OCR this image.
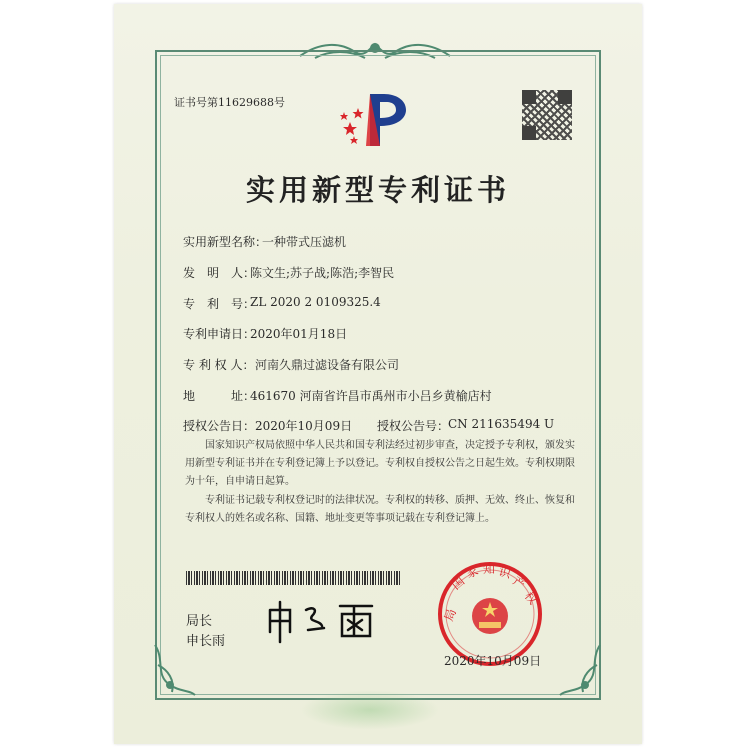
证书号第11629688号
实用新型专利证书
实用新型名称：
一种带式压滤机
发　明　人：
陈文生;苏子战;陈浩;李智民
专　利　号：
ZL 2020 2 0109325.4
专利申请日：
2020年01月18日
专 利 权 人： 河南久鼎过滤设备有限公司
地　　　址：
461670 河南省许昌市禹州市小吕乡黄榆店村
授权公告日： 2020年10月09日 授权公告号：
CN 211635494 U
国家知识产权局依照中华人民共和国专利法经过初步审查，决定授予专利权，颁发实用新型专利证书并在专利登记簿上予以登记。专利权自授权公告之日起生效。专利权期限为十年，自申请日起算。
专利证书记载专利权登记时的法律状况。专利权的转移、质押、无效、终止、恢复和专利权人的姓名或名称、国籍、地址变更等事项记载在专利登记簿上。
局长
申长雨
国
家 知 识
产
权
局
2020年10月09日
